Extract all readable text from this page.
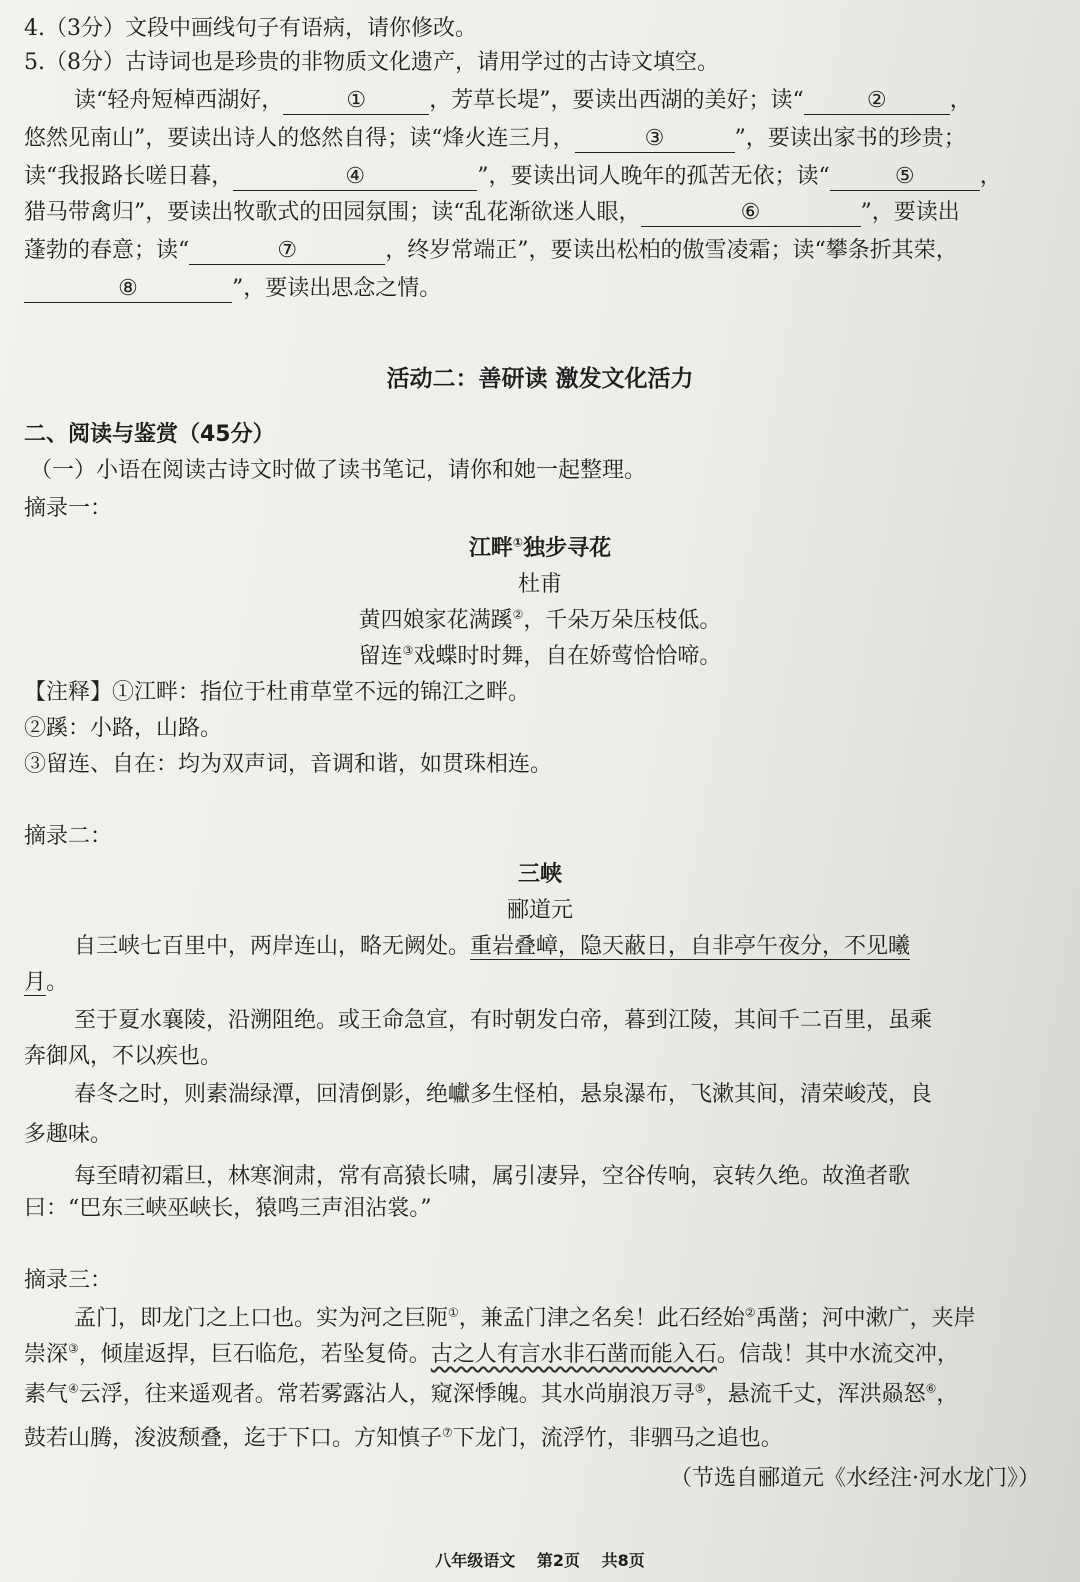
4.（3分）文段中画线句子有语病，请你修改。
5.（8分）古诗词也是珍贵的非物质文化遗产，请用学过的古诗文填空。
读“轻舟短棹西湖好，	①	，芳草长堤”，要读出西湖的美好；读“	②	，
悠然见南山”，要读出诗人的悠然自得；读“烽火连三月，	③	”，要读出家书的珍贵；
读“我报路长嗟日暮，	④	”，要读出词人晚年的孤苦无依；读“	⑤	，
猎马带禽归”，要读出牧歌式的田园氛围；读“乱花渐欲迷人眼，	⑥	”，要读出
蓬勃的春意；读“	⑦	，终岁常端正”，要读出松柏的傲雪凌霜；读“攀条折其荣，
⑧	”，要读出思念之情。
活动二：善研读 激发文化活力
二、阅读与鉴赏（45分）
（一）小语在阅读古诗文时做了读书笔记，请你和她一起整理。
摘录一：
江畔①独步寻花
杜甫
黄四娘家花满蹊②，千朵万朵压枝低。
留连③戏蝶时时舞，自在娇莺恰恰啼。
【注释】①江畔：指位于杜甫草堂不远的锦江之畔。
②蹊：小路，山路。
③留连、自在：均为双声词，音调和谐，如贯珠相连。
摘录二：
三峡
郦道元
自三峡七百里中，两岸连山，略无阙处。重岩叠嶂，隐天蔽日，自非亭午夜分，不见曦
月。
至于夏水襄陵，沿溯阻绝。或王命急宣，有时朝发白帝，暮到江陵，其间千二百里，虽乘
奔御风，不以疾也。
春冬之时，则素湍绿潭，回清倒影，绝巘多生怪柏，悬泉瀑布，飞漱其间，清荣峻茂，良
多趣味。
每至晴初霜旦，林寒涧肃，常有高猿长啸，属引凄异，空谷传响，哀转久绝。故渔者歌
曰：“巴东三峡巫峡长，猿鸣三声泪沾裳。”
摘录三：
孟门，即龙门之上口也。实为河之巨阨①，兼孟门津之名矣！此石经始②禹凿；河中漱广，夹岸
崇深③，倾崖返捍，巨石临危，若坠复倚。古之人有言水非石凿而能入石。信哉！其中水流交冲，
素气④云浮，往来遥观者。常若雾露沾人，窥深悸魄。其水尚崩浪万寻⑤，悬流千丈，浑洪赑怒⑥，
鼓若山腾，浚波颓叠，迄于下口。方知慎子⑦下龙门，流浮竹，非驷马之追也。
（节选自郦道元《水经注·河水龙门》）
八年级语文 第2页 共8页
